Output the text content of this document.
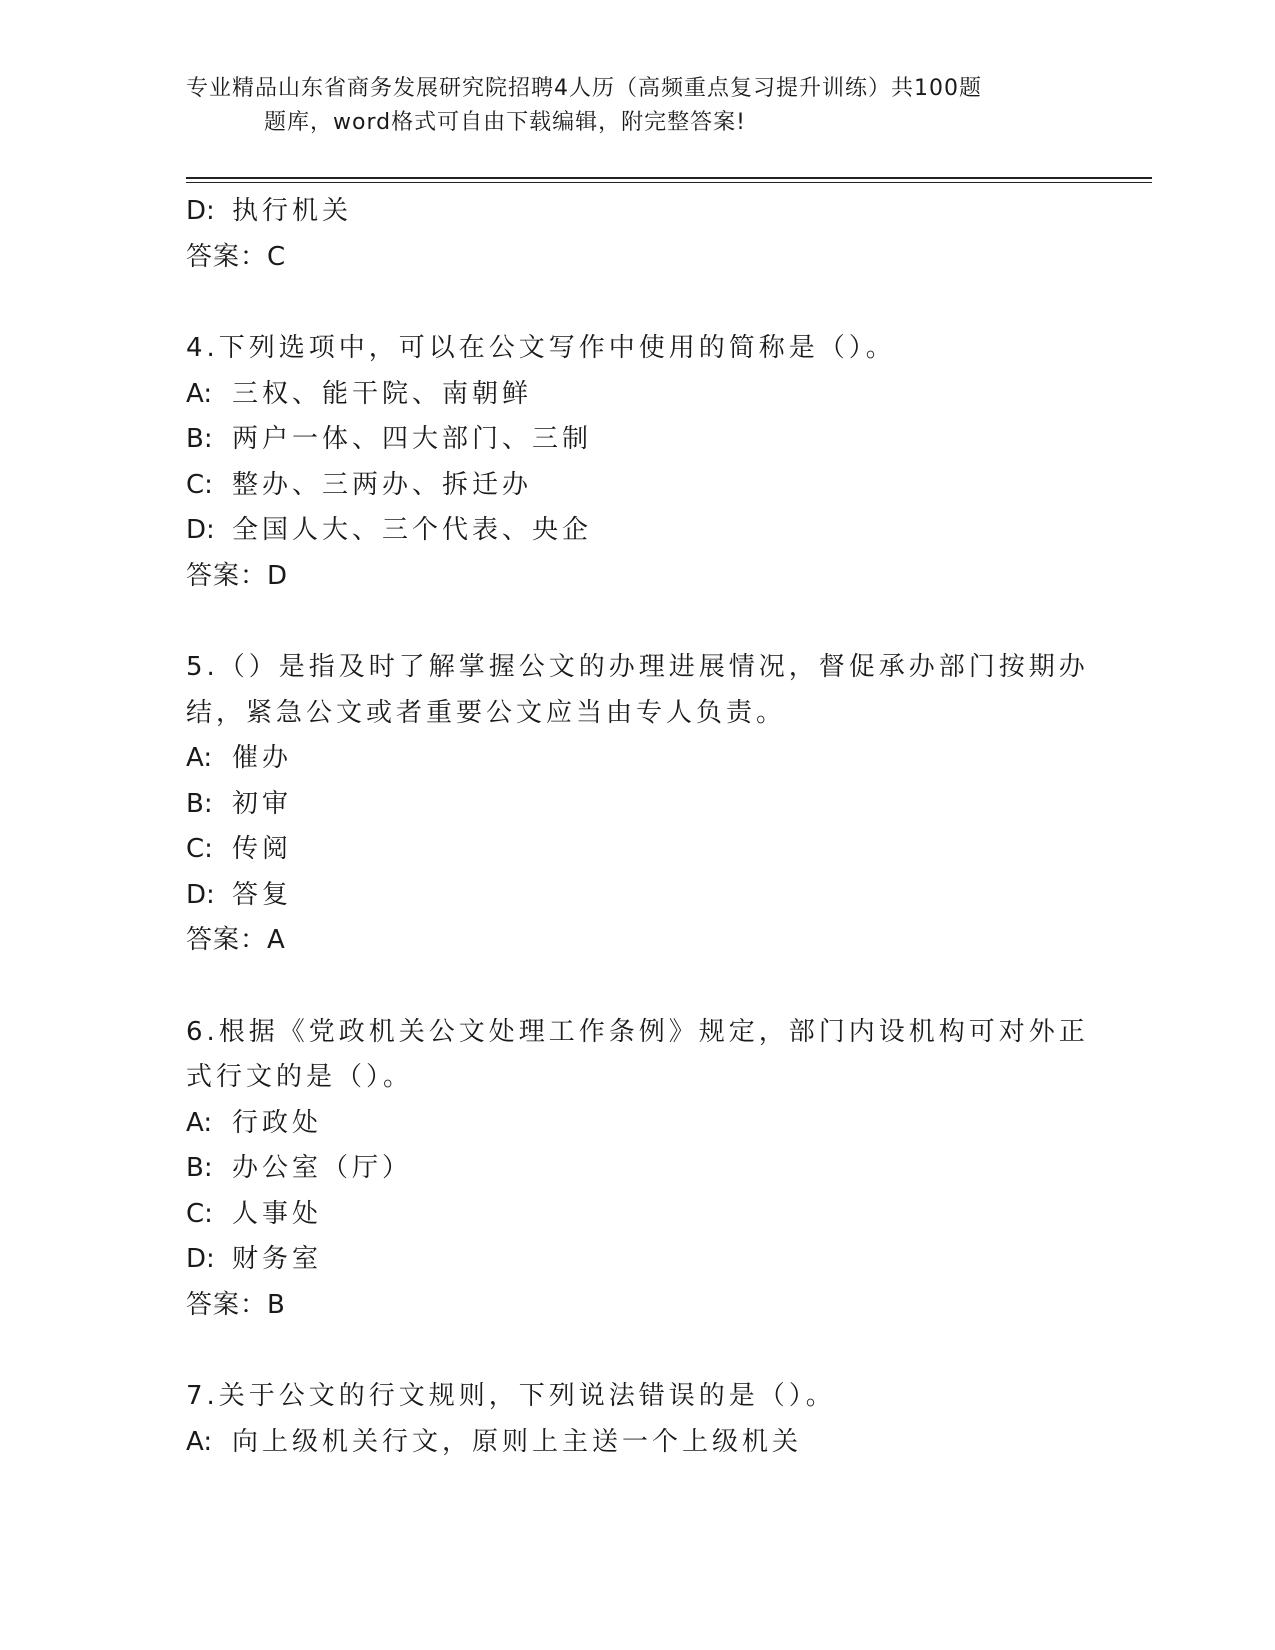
专业精品山东省商务发展研究院招聘4人历（高频重点复习提升训练）共100题
题库，word格式可自由下载编辑，附完整答案!
D: 执行机关
答案：C
4.下列选项中，可以在公文写作中使用的简称是（）。
A: 三权、能干院、南朝鲜
B: 两户一体、四大部门、三制
C: 整办、三两办、拆迁办
D: 全国人大、三个代表、央企
答案：D
5.（）是指及时了解掌握公文的办理进展情况，督促承办部门按期办
结，紧急公文或者重要公文应当由专人负责。
A: 催办
B: 初审
C: 传阅
D: 答复
答案：A
6.根据《党政机关公文处理工作条例》规定，部门内设机构可对外正
式行文的是（）。
A: 行政处
B: 办公室（厅）
C: 人事处
D: 财务室
答案：B
7.关于公文的行文规则，下列说法错误的是（）。
A: 向上级机关行文，原则上主送一个上级机关
